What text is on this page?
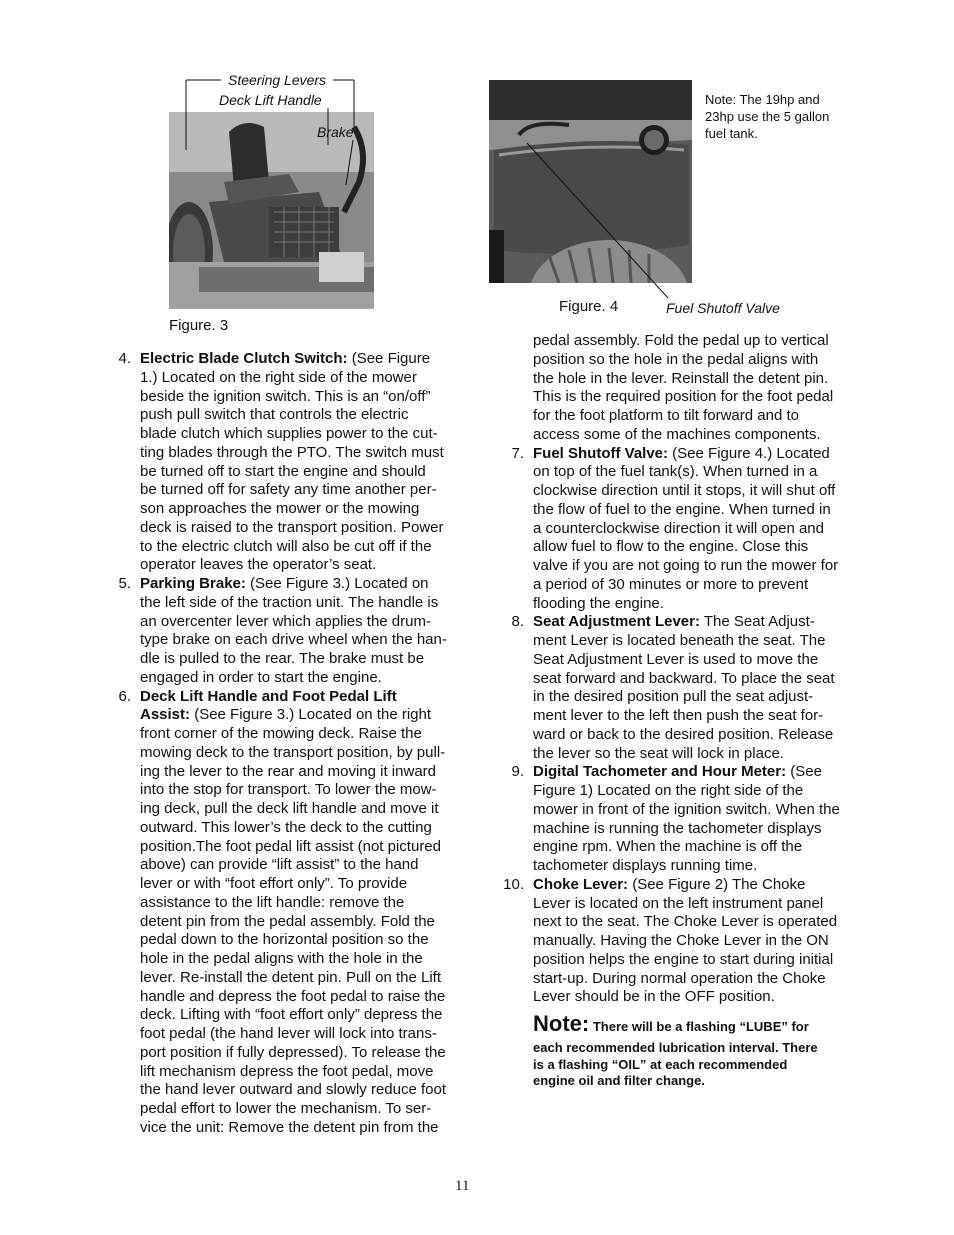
Steering Levers
Deck Lift Handle
Brake
Figure. 3
Note: The 19hp and 23hp use the 5 gallon fuel tank.
Figure. 4	Fuel Shutoff Valve
4. Electric Blade Clutch Switch: (See Figure
1.) Located on the right side of the mower
beside the ignition switch. This is an “on/off”
push pull switch that controls the electric
blade clutch which supplies power to the cut-
ting blades through the PTO. The switch must
be turned off to start the engine and should
be turned off for safety any time another per-
son approaches the mower or the mowing
deck is raised to the transport position. Power
to the electric clutch will also be cut off if the
operator leaves the operator’s seat.
5. Parking Brake: (See Figure 3.) Located on
the left side of the traction unit. The handle is
an overcenter lever which applies the drum-
type brake on each drive wheel when the han-
dle is pulled to the rear. The brake must be
engaged in order to start the engine.
6. Deck Lift Handle and Foot Pedal Lift
Assist: (See Figure 3.) Located on the right
front corner of the mowing deck. Raise the
mowing deck to the transport position, by pull-
ing the lever to the rear and moving it inward
into the stop for transport. To lower the mow-
ing deck, pull the deck lift handle and move it
outward. This lower’s the deck to the cutting
position.The foot pedal lift assist (not pictured
above) can provide “lift assist” to the hand
lever or with “foot effort only”. To provide
assistance to the lift handle: remove the
detent pin from the pedal assembly. Fold the
pedal down to the horizontal position so the
hole in the pedal aligns with the hole in the
lever. Re-install the detent pin. Pull on the Lift
handle and depress the foot pedal to raise the
deck. Lifting with “foot effort only” depress the
foot pedal (the hand lever will lock into trans-
port position if fully depressed). To release the
lift mechanism depress the foot pedal, move
the hand lever outward and slowly reduce foot
pedal effort to lower the mechanism. To ser-
vice the unit: Remove the detent pin from the
pedal assembly. Fold the pedal up to vertical
position so the hole in the pedal aligns with
the hole in the lever. Reinstall the detent pin.
This is the required position for the foot pedal
for the foot platform to tilt forward and to
access some of the machines components.
7. Fuel Shutoff Valve: (See Figure 4.) Located
on top of the fuel tank(s). When turned in a
clockwise direction until it stops, it will shut off
the flow of fuel to the engine. When turned in
a counterclockwise direction it will open and
allow fuel to flow to the engine. Close this
valve if you are not going to run the mower for
a period of 30 minutes or more to prevent
flooding the engine.
8. Seat Adjustment Lever: The Seat Adjust-
ment Lever is located beneath the seat. The
Seat Adjustment Lever is used to move the
seat forward and backward. To place the seat
in the desired position pull the seat adjust-
ment lever to the left then push the seat for-
ward or back to the desired position. Release
the lever so the seat will lock in place.
9. Digital Tachometer and Hour Meter: (See
Figure 1) Located on the right side of the
mower in front of the ignition switch. When the
machine is running the tachometer displays
engine rpm. When the machine is off the
tachometer displays running time.
10. Choke Lever: (See Figure 2) The Choke
Lever is located on the left instrument panel
next to the seat. The Choke Lever is operated
manually. Having the Choke Lever in the ON
position helps the engine to start during initial
start-up. During normal operation the Choke
Lever should be in the OFF position.
Note: There will be a flashing “LUBE” for
each recommended lubrication interval. There
is a flashing “OIL” at each recommended
engine oil and filter change.
11
